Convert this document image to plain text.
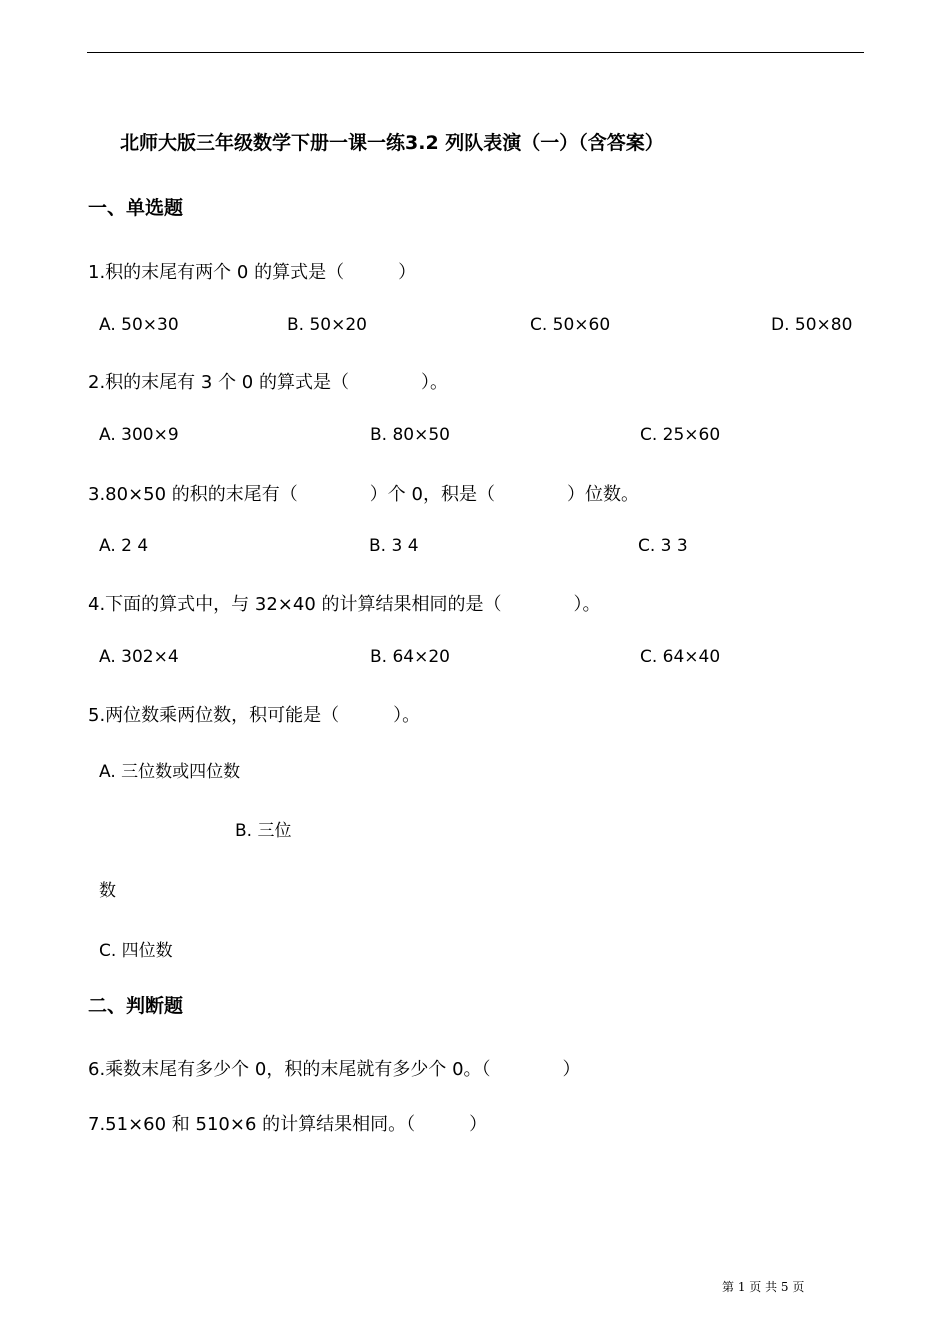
北师大版三年级数学下册一课一练3.2 列队表演（一）（含答案）
一、单选题
1.积的末尾有两个 0 的算式是（　　　）
A. 50×30	B. 50×20	C. 50×60	D. 50×80
2.积的末尾有 3 个 0 的算式是（　　　　）。
A. 300×9	B. 80×50	C. 25×60
3.80×50 的积的末尾有（　　　　）个 0，积是（　　　　）位数。
A. 2 4	B. 3 4	C. 3 3
4.下面的算式中，与 32×40 的计算结果相同的是（　　　　）。
A. 302×4	B. 64×20	C. 64×40
5.两位数乘两位数，积可能是（　　　）。
A. 三位数或四位数
B. 三位
数
C. 四位数
二、判断题
6.乘数末尾有多少个 0，积的末尾就有多少个 0。（　　　　）
7.51×60 和 510×6 的计算结果相同。（　　　）
第 1 页 共 5 页
